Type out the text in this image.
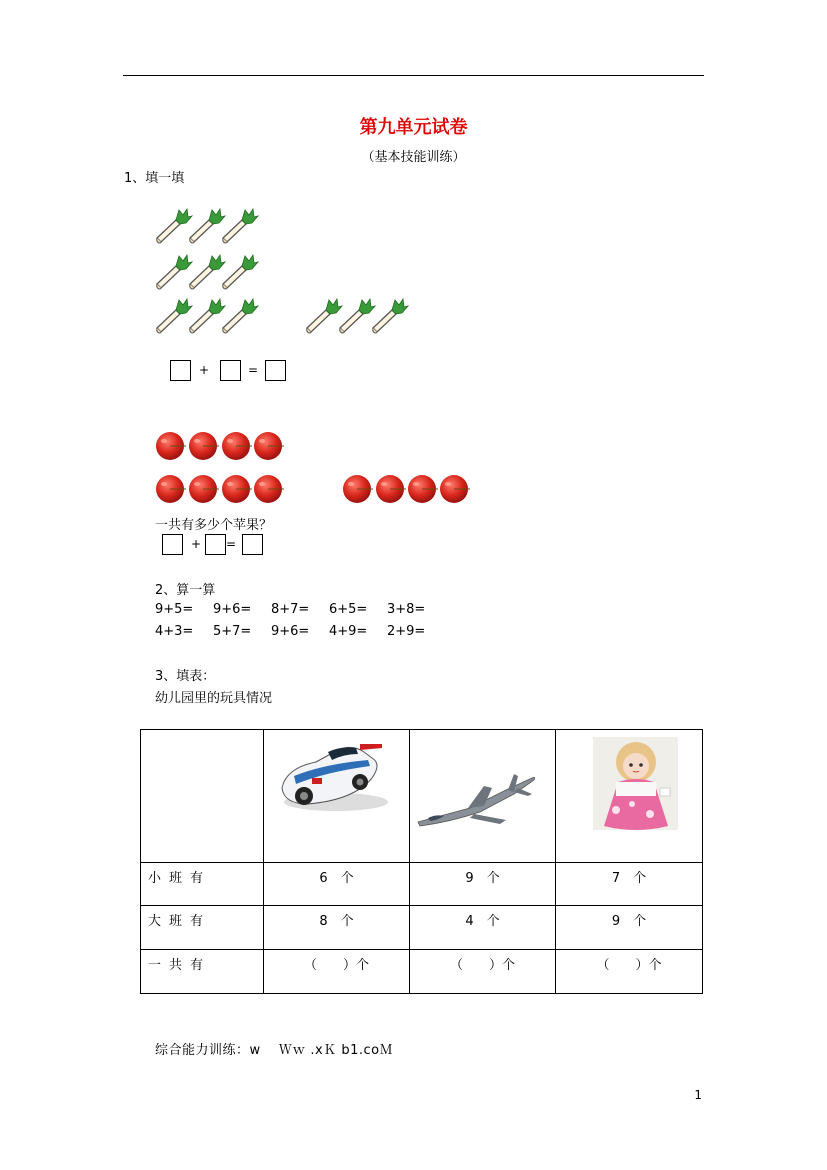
第九单元试卷
（基本技能训练）
1、填一填
+	=
一共有多少个苹果？
+ =
2、算一算
9+5= 9+6= 8+7= 6+5= 3+8=
4+3= 5+7= 9+6= 4+9= 2+9=
3、填表：
幼儿园里的玩具情况

小班有	6　个	9　个	7　个
大班有	8　个	4　个	9　个
一共有	（　　）个	（　　）个	（　　）个
综合能力训练：w　 Ｗｗ .xＫ b1.coＭ
1
